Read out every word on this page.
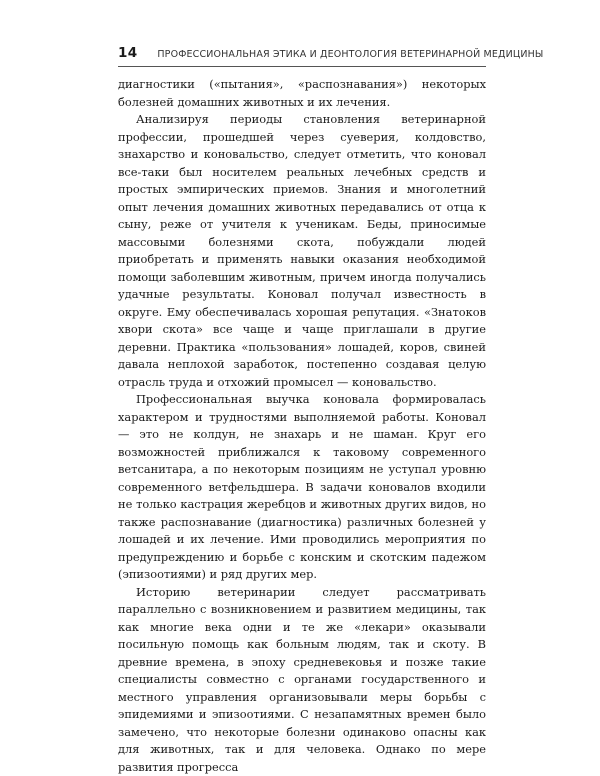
14 ПРОФЕССИОНАЛЬНАЯ ЭТИКА И ДЕОНТОЛОГИЯ ВЕТЕРИНАРНОЙ МЕДИЦИНЫ

диагностики («пытания», «распознавания») некоторых болезней домашних животных и их лечения.

Анализируя периоды становления ветеринарной профессии, прошедшей через суеверия, колдовство, знахарство и коновальство, следует отметить, что коновал все-таки был носителем реальных лечебных средств и простых эмпирических приемов. Знания и многолетний опыт лечения домашних животных передавались от отца к сыну, реже от учителя к ученикам. Беды, приносимые массовыми болезнями скота, побуждали людей приобретать и применять навыки оказания необходимой помощи заболевшим животным, причем иногда получались удачные результаты. Коновал получал известность в округе. Ему обеспечивалась хорошая репутация. «Знатоков хвори скота» все чаще и чаще приглашали в другие деревни. Практика «пользования» лошадей, коров, свиней давала неплохой заработок, постепенно создавая целую отрасль труда и отхожий промысел — коновальство.

Профессиональная выучка коновала формировалась характером и трудностями выполняемой работы. Коновал — это не колдун, не знахарь и не шаман. Круг его возможностей приближался к таковому современного ветсанитара, а по некоторым позициям не уступал уровню современного ветфельдшера. В задачи коновалов входили не только кастрация жеребцов и животных других видов, но также распознавание (диагностика) различных болезней у лошадей и их лечение. Ими проводились мероприятия по предупреждению и борьбе с конским и скотским падежом (эпизоотиями) и ряд других мер.

Историю ветеринарии следует рассматривать параллельно с возникновением и развитием медицины, так как многие века одни и те же «лекари» оказывали посильную помощь как больным людям, так и скоту. В древние времена, в эпоху средневековья и позже такие специалисты совместно с органами государственного и местного управления организовывали меры борьбы с эпидемиями и эпизоотиями. С незапамятных времен было замечено, что некоторые болезни одинаково опасны как для животных, так и для человека. Однако по мере развития прогресса
